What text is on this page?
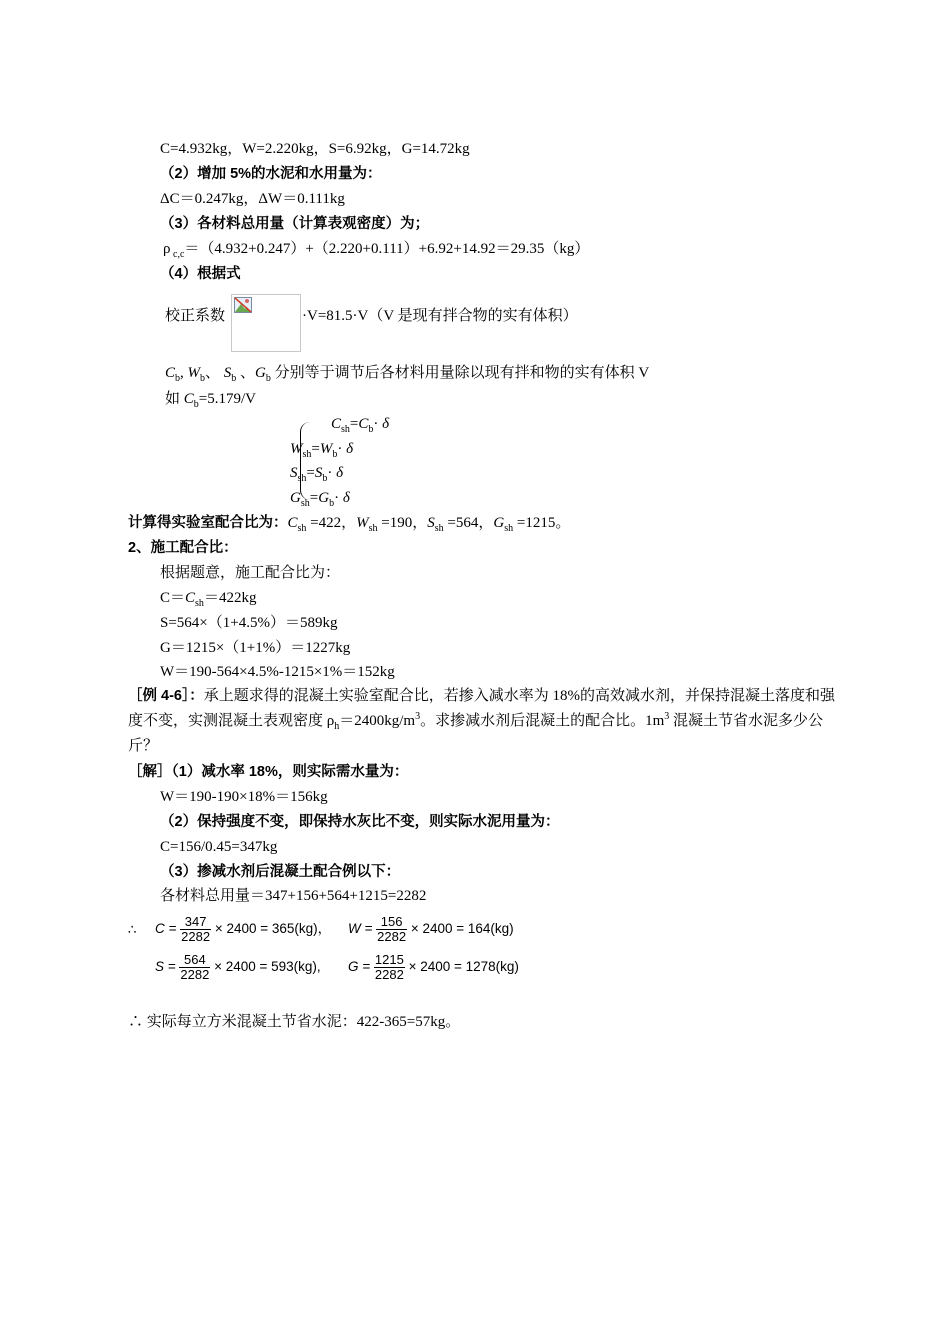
C=4.932kg，W=2.220kg，S=6.92kg，G=14.72kg
（2）增加 5%的水泥和水用量为：
ΔC＝0.247kg，ΔW＝0.111kg
（3）各材料总用量（计算表观密度）为；
ρ $_{c,c}$＝（4.932+0.247）+（2.220+0.111）+6.92+14.92＝29.35（kg）
（4）根据式
校正系数	·V=81.5·V（V 是现有拌合物的实有体积）
$C_b$, $W_b$、 $S_b$ 、$G_b$ 分别等于调节后各材料用量除以现有拌和物的实有体积 V
如 $C_b=5.179/V$
$C_{sh}=C_b\cdot \delta$
$W_{sh}=W_b\cdot \delta$
$S_{sh}=S_b\cdot \delta$
$G_{sh}=G_b\cdot \delta$
计算得实验室配合比为：$C_{sh} =422$，$W_{sh} =190$，$S_{sh} =564$，$G_{sh} =1215$。
2、施工配合比：
根据题意，施工配合比为：
$C=C_{sh}=422kg$
S=564×（1+4.5%）＝589kg
G＝1215×（1+1%）＝1227kg
W＝190-564×4.5%-1215×1%＝152kg
［例 4-6］：承上题求得的混凝土实验室配合比，若掺入减水率为 18%的高效减水剂，并保持混凝土落度和强度不变，实测混凝土表观密度 $\rho_h=2400kg/m^3$。求掺减水剂后混凝土的配合比。$1m^3$ 混凝土节省水泥多少公斤？
［解］（1）减水率 18%，则实际需水量为：
W＝190-190×18%＝156kg
（2）保持强度不变，即保持水灰比不变，则实际水泥用量为：
C=156/0.45=347kg
（3）掺减水剂后混凝土配合例以下：
各材料总用量＝347+156+564+1215=2282
∴ $C = \frac{347}{2282} \times 2400 = 365(kg)$， $W = \frac{156}{2282} \times 2400 = 164(kg)$
$S = \frac{564}{2282} \times 2400 = 593(kg)$, $G = \frac{1215}{2282} \times 2400 = 1278(kg)$
∴ 实际每立方米混凝土节省水泥：422-365=57kg。
